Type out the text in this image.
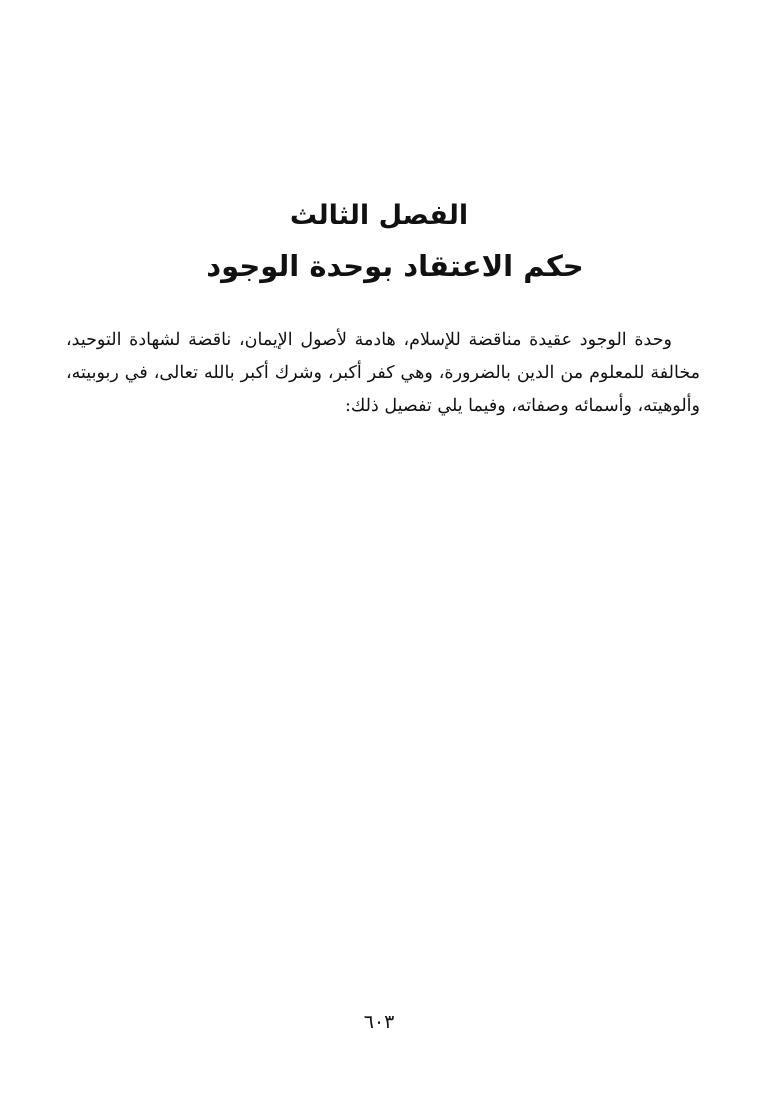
الفصل الثالث
حكم الاعتقاد بوحدة الوجود

وحدة الوجود عقيدة مناقضة للإسلام، هادمة لأصول الإيمان، ناقضة لشهادة التوحيد، مخالفة للمعلوم من الدين بالضرورة، وهي كفر أكبر، وشرك أكبر بالله تعالى، في ربوبيته، وألوهيته، وأسمائه وصفاته، وفيما يلي تفصيل ذلك:

٦٠٣
